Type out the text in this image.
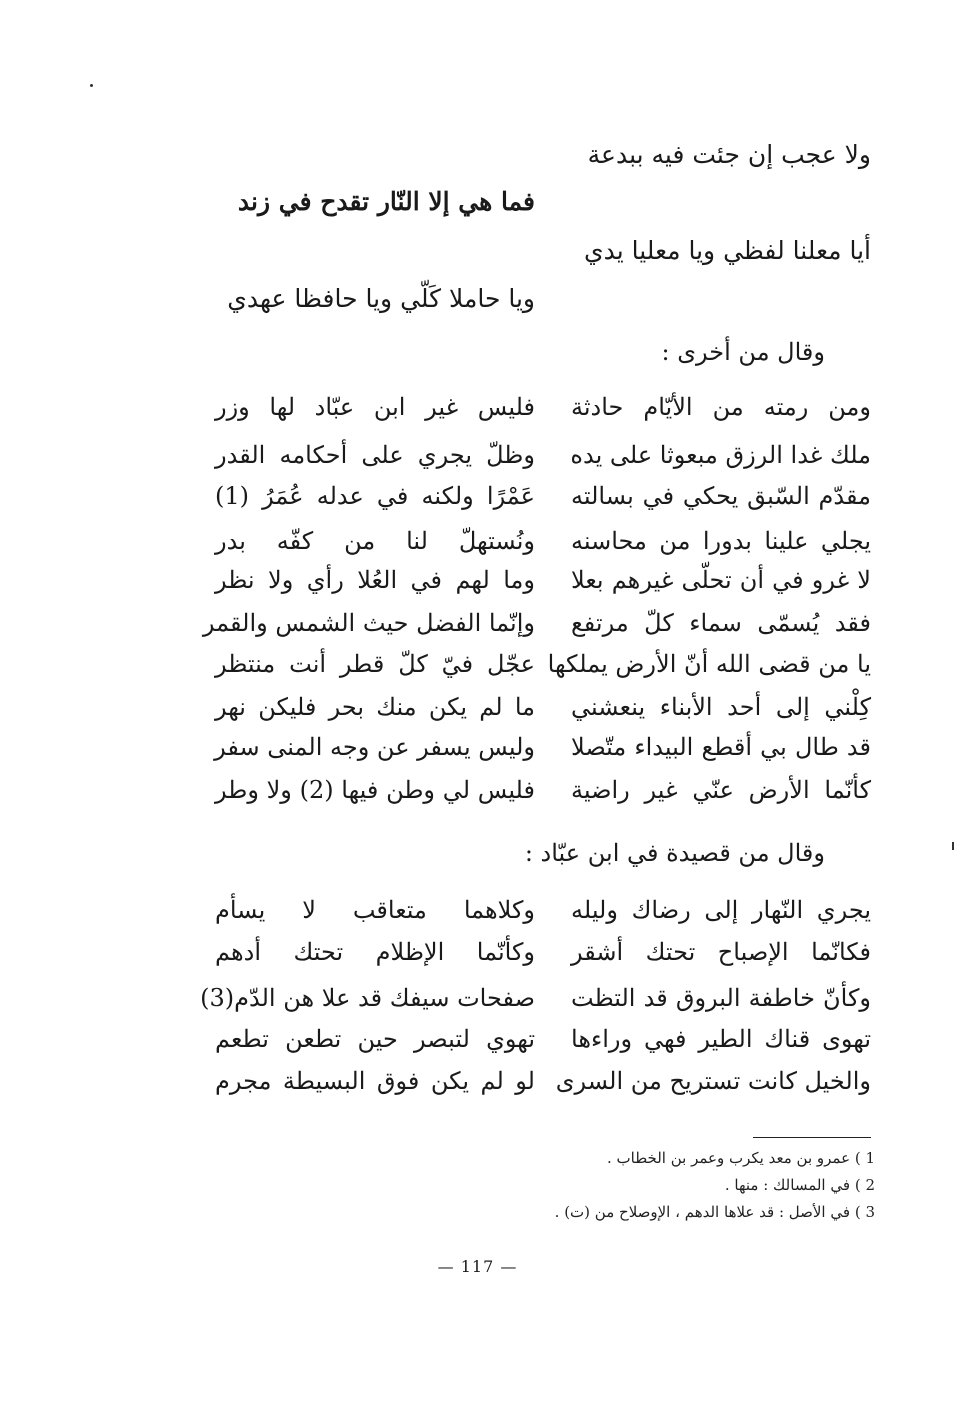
ولا عجب إن جئت فيه ببدعة
فما هي إلا النّار تقدح في زند
أيا معلنا لفظي ويا معليا يدي
ويا حاملا كَلّي ويا حافظا عهدي
وقال من أخرى :
ومن رمته من الأيّام حادثة
فليس غير ابن عبّاد لها وزر
ملك غدا الرزق مبعوثا على يده
وظلّ يجري على أحكامه القدر
مقدّم السّبق يحكي في بسالته
عَمْرًا ولكنه في عدله عُمَرُ (1)
يجلي علينا بدورا من محاسنه
ونُستهلّ لنا من كفّه بدر
لا غرو في أن تحلّى غيرهم بعلا
وما لهم في العُلا رأي ولا نظر
فقد يُسمّى سماء كلّ مرتفع
وإنّما الفضل حيث الشمس والقمر
يا من قضى الله أنّ الأرض يملكها
عجّل فيّ كلّ قطر أنت منتظر
كِلْني إلى أحد الأبناء ينعشني
ما لم يكن منك بحر فليكن نهر
قد طال بي أقطع البيداء متّصلا
وليس يسفر عن وجه المنى سفر
كأنّما الأرض عنّي غير راضية
فليس لي وطن فيها (2) ولا وطر
وقال من قصيدة في ابن عبّاد :
يجري النّهار إلى رضاك وليله
وكلاهما متعاقب لا يسأم
فكانّما الإصباح تحتك أشقر
وكأنّما الإظلام تحتك أدهم
وكأنّ خاطفة البروق قد التظت
صفحات سيفك قد علا هن الدّم(3)
تهوى قناك الطير فهي وراءها
تهوي لتبصر حين تطعن تطعم
والخيل كانت تستريح من السرى
لو لم يكن فوق البسيطة مجرم
1 ) عمرو بن معد يكرب وعمر بن الخطاب .
2 ) في المسالك : منها .
3 ) في الأصل : قد علاها الدهم ، الإوصلاح من (ت) .
— 117 —
